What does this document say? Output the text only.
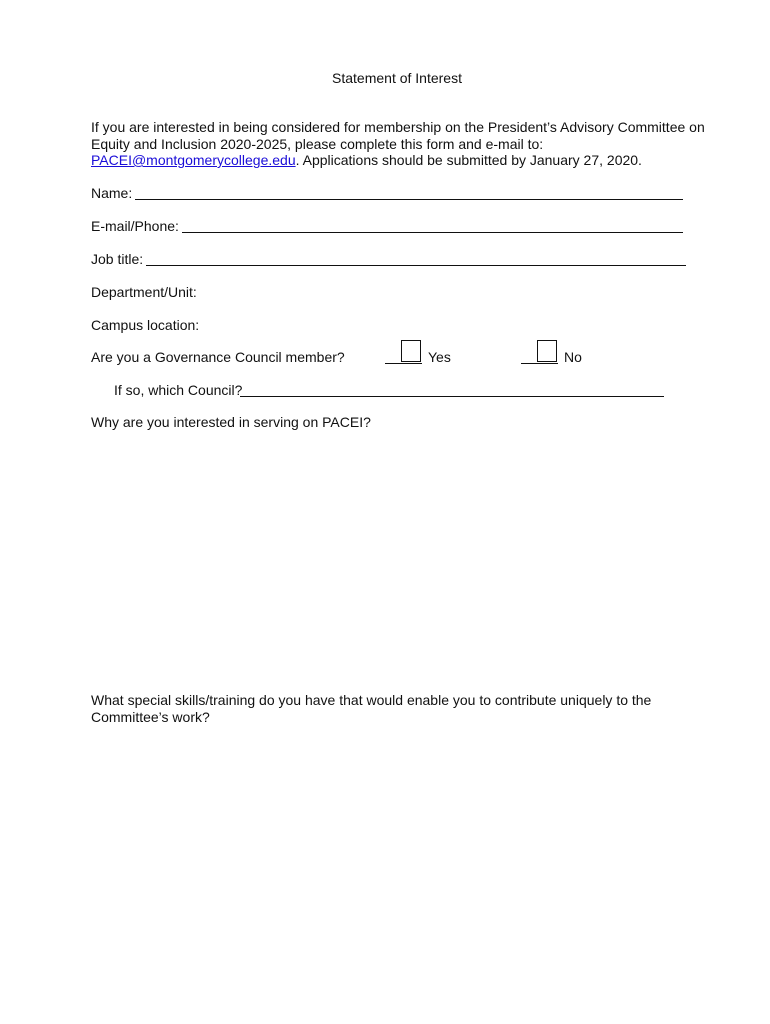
Statement of Interest
If you are interested in being considered for membership on the President’s Advisory Committee on Equity and Inclusion 2020-2025, please complete this form and e-mail to: PACEI@montgomerycollege.edu. Applications should be submitted by January 27, 2020.
Name:
E-mail/Phone:
Job title:
Department/Unit:
Campus location:
Are you a Governance Council member?	Yes	No
If so, which Council?
Why are you interested in serving on PACEI?
What special skills/training do you have that would enable you to contribute uniquely to the Committee’s work?
